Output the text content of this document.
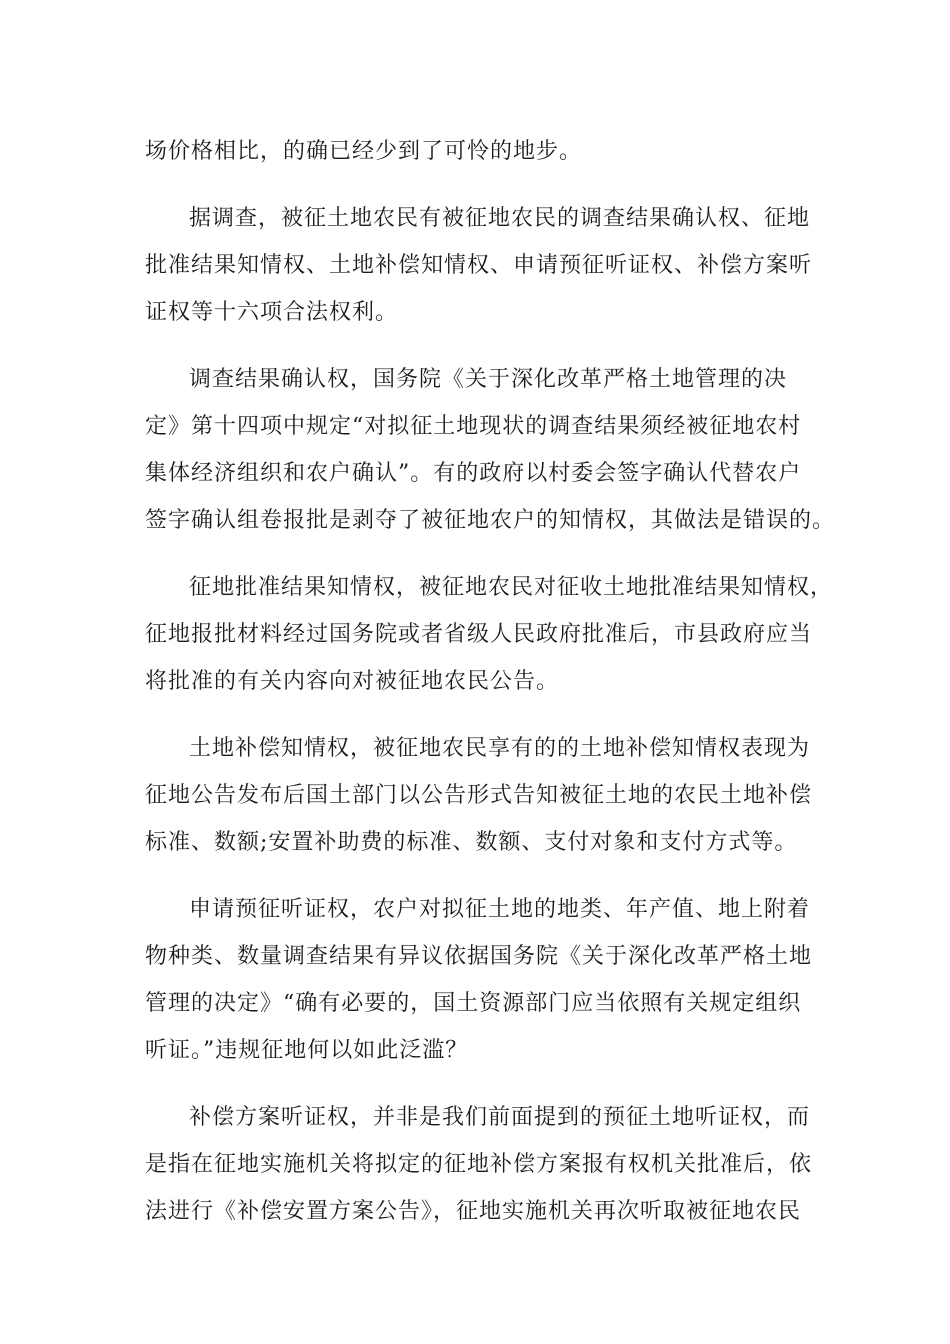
场价格相比，的确已经少到了可怜的地步。
据调查，被征土地农民有被征地农民的调查结果确认权、征地
批准结果知情权、土地补偿知情权、申请预征听证权、补偿方案听
证权等十六项合法权利。
调查结果确认权，国务院《关于深化改革严格土地管理的决
定》第十四项中规定“对拟征土地现状的调查结果须经被征地农村
集体经济组织和农户确认”。有的政府以村委会签字确认代替农户
签字确认组卷报批是剥夺了被征地农户的知情权，其做法是错误的。
征地批准结果知情权，被征地农民对征收土地批准结果知情权，
征地报批材料经过国务院或者省级人民政府批准后，市县政府应当
将批准的有关内容向对被征地农民公告。
土地补偿知情权，被征地农民享有的的土地补偿知情权表现为
征地公告发布后国土部门以公告形式告知被征土地的农民土地补偿
标准、数额;安置补助费的标准、数额、支付对象和支付方式等。
申请预征听证权，农户对拟征土地的地类、年产值、地上附着
物种类、数量调查结果有异议依据国务院《关于深化改革严格土地
管理的决定》“确有必要的，国土资源部门应当依照有关规定组织
听证。”违规征地何以如此泛滥？
补偿方案听证权，并非是我们前面提到的预征土地听证权，而
是指在征地实施机关将拟定的征地补偿方案报有权机关批准后，依
法进行《补偿安置方案公告》，征地实施机关再次听取被征地农民
